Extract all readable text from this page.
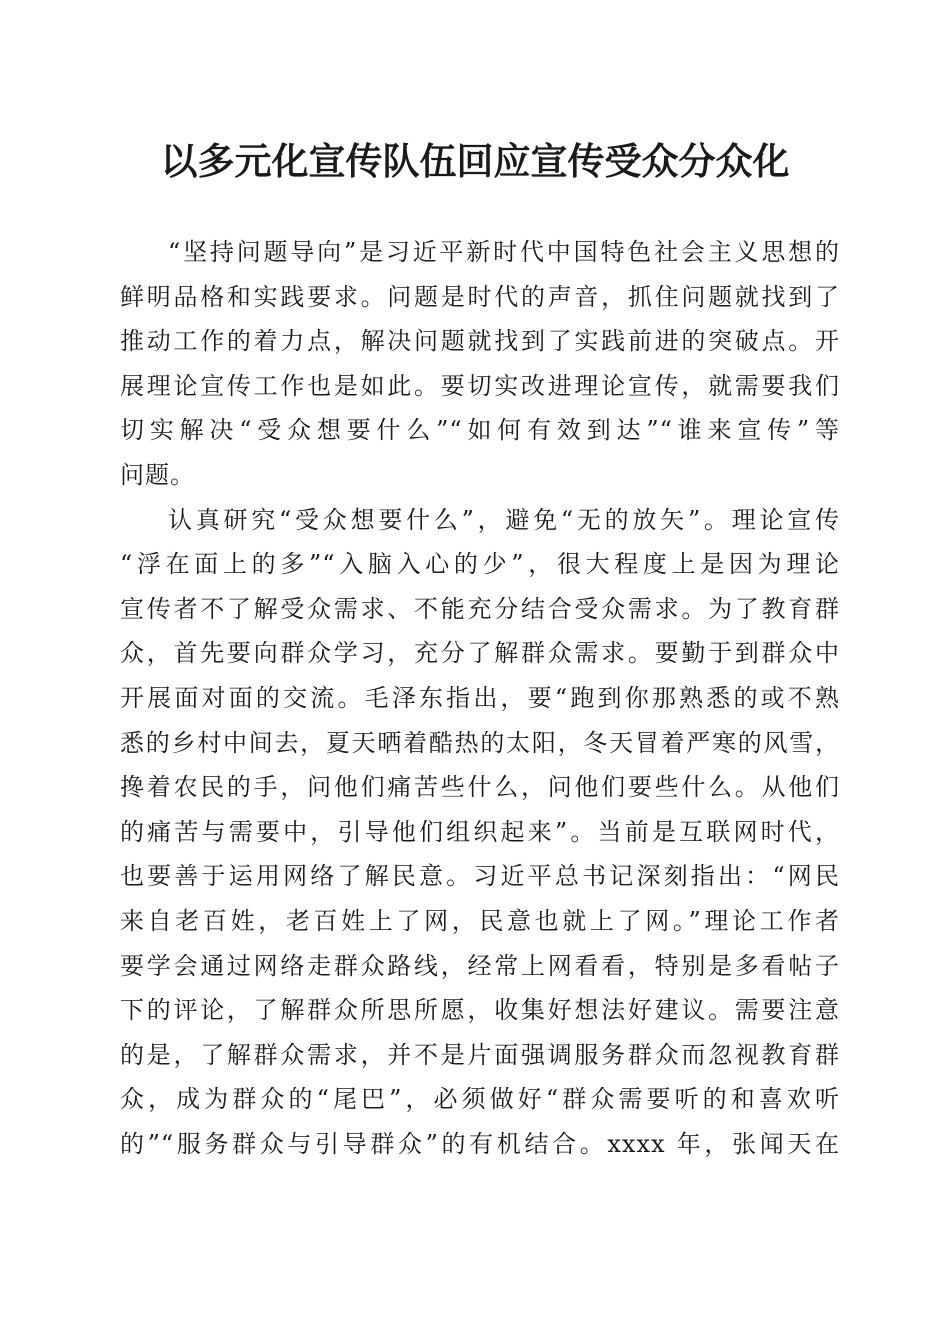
以多元化宣传队伍回应宣传受众分众化
“坚持问题导向”是习近平新时代中国特色社会主义思想的
鲜明品格和实践要求。问题是时代的声音，抓住问题就找到了
推动工作的着力点，解决问题就找到了实践前进的突破点。开
展理论宣传工作也是如此。要切实改进理论宣传，就需要我们
切实解决“受众想要什么”“如何有效到达”“谁来宣传”等
问题。
认真研究“受众想要什么”，避免“无的放矢”。理论宣传
“浮在面上的多”“入脑入心的少”，很大程度上是因为理论
宣传者不了解受众需求、不能充分结合受众需求。为了教育群
众，首先要向群众学习，充分了解群众需求。要勤于到群众中
开展面对面的交流。毛泽东指出，要“跑到你那熟悉的或不熟
悉的乡村中间去，夏天晒着酷热的太阳，冬天冒着严寒的风雪，
搀着农民的手，问他们痛苦些什么，问他们要些什么。从他们
的痛苦与需要中，引导他们组织起来”。当前是互联网时代，
也要善于运用网络了解民意。习近平总书记深刻指出：“网民
来自老百姓，老百姓上了网，民意也就上了网。”理论工作者
要学会通过网络走群众路线，经常上网看看，特别是多看帖子
下的评论，了解群众所思所愿，收集好想法好建议。需要注意
的是，了解群众需求，并不是片面强调服务群众而忽视教育群
众，成为群众的“尾巴”，必须做好“群众需要听的和喜欢听
的”“服务群众与引导群众”的有机结合。xxxx 年，张闻天在
